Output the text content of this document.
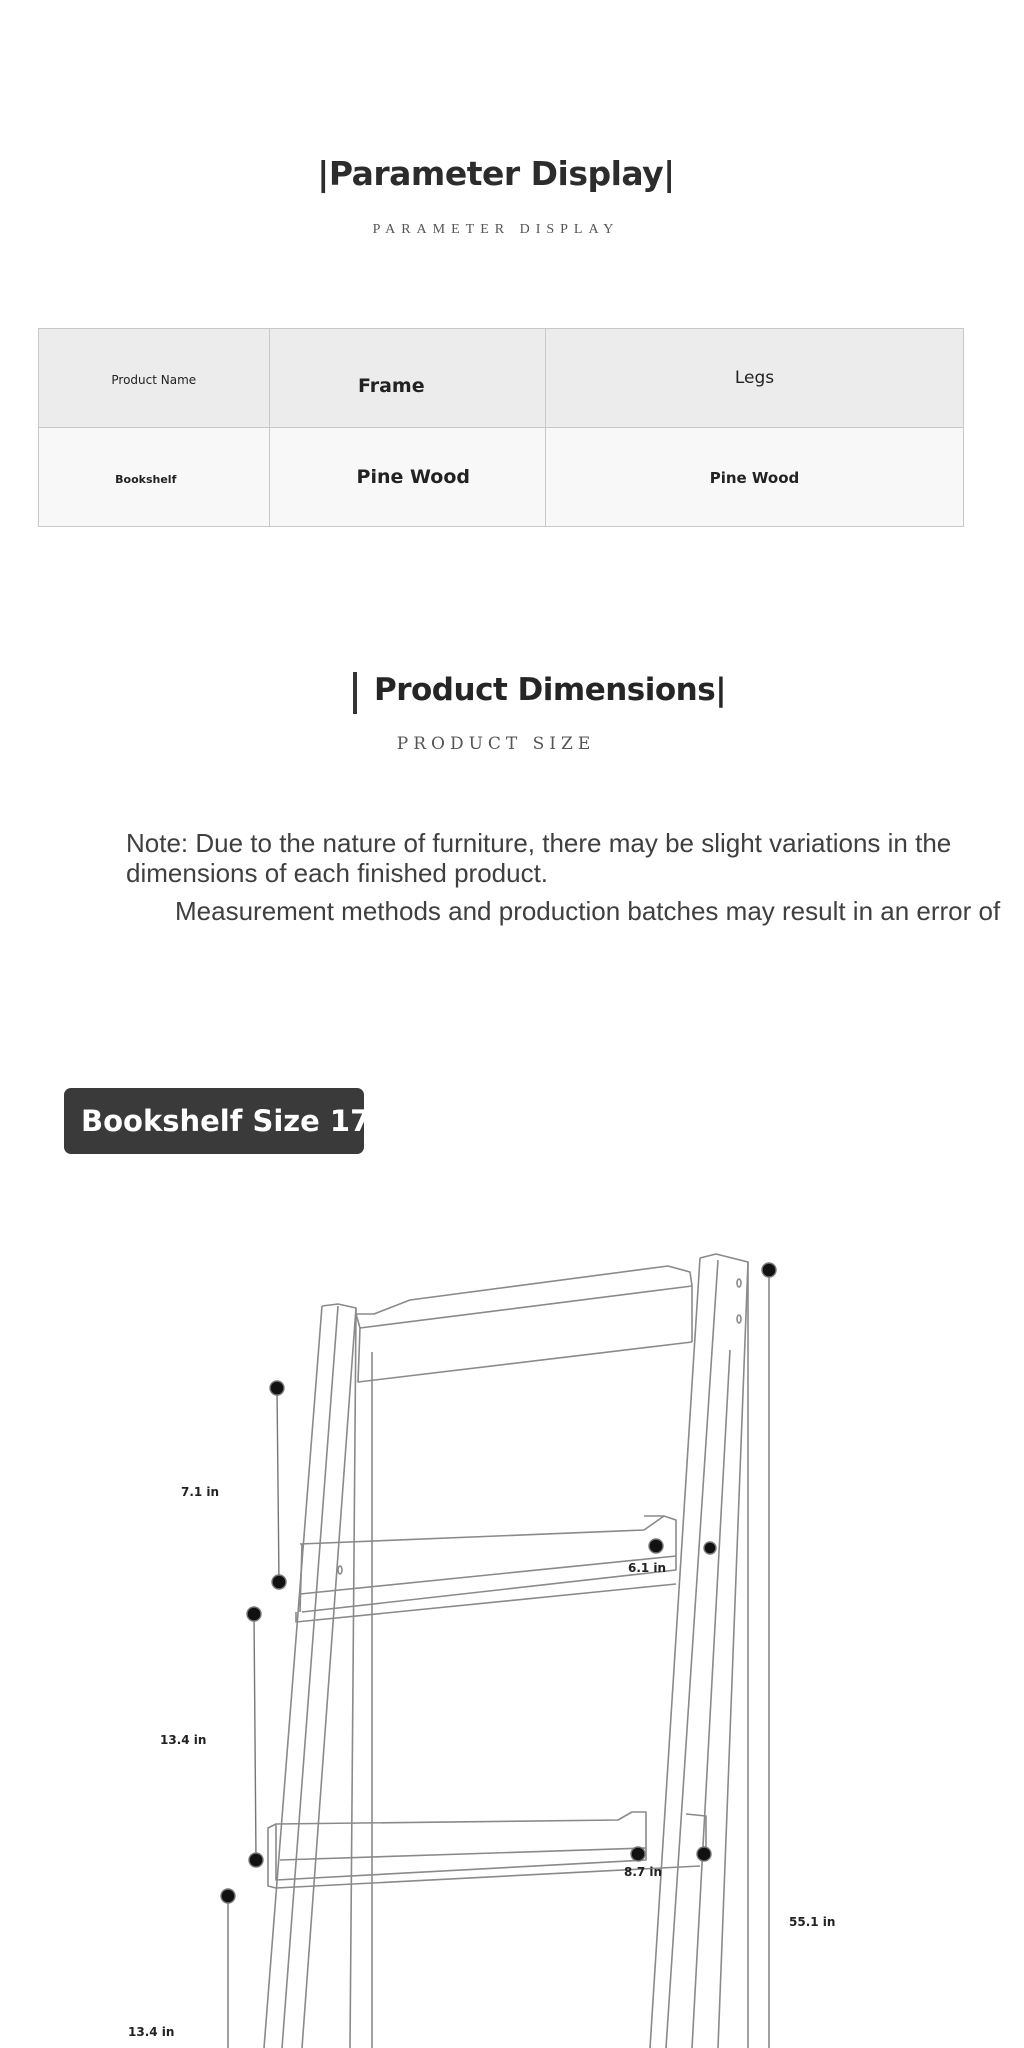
|Parameter Display|
PARAMETER DISPLAY
Product Name	Frame	Legs
Bookshelf	Pine Wood	Pine Wood
Product Dimensions|
PRODUCT SIZE
Note: Due to the nature of furniture, there may be slight variations in the dimensions of each finished product.
Measurement methods and production batches may result in an error of
Bookshelf Size 17.3 in
7.1 in
6.1 in
13.4 in
8.7 in
55.1 in
13.4 in
